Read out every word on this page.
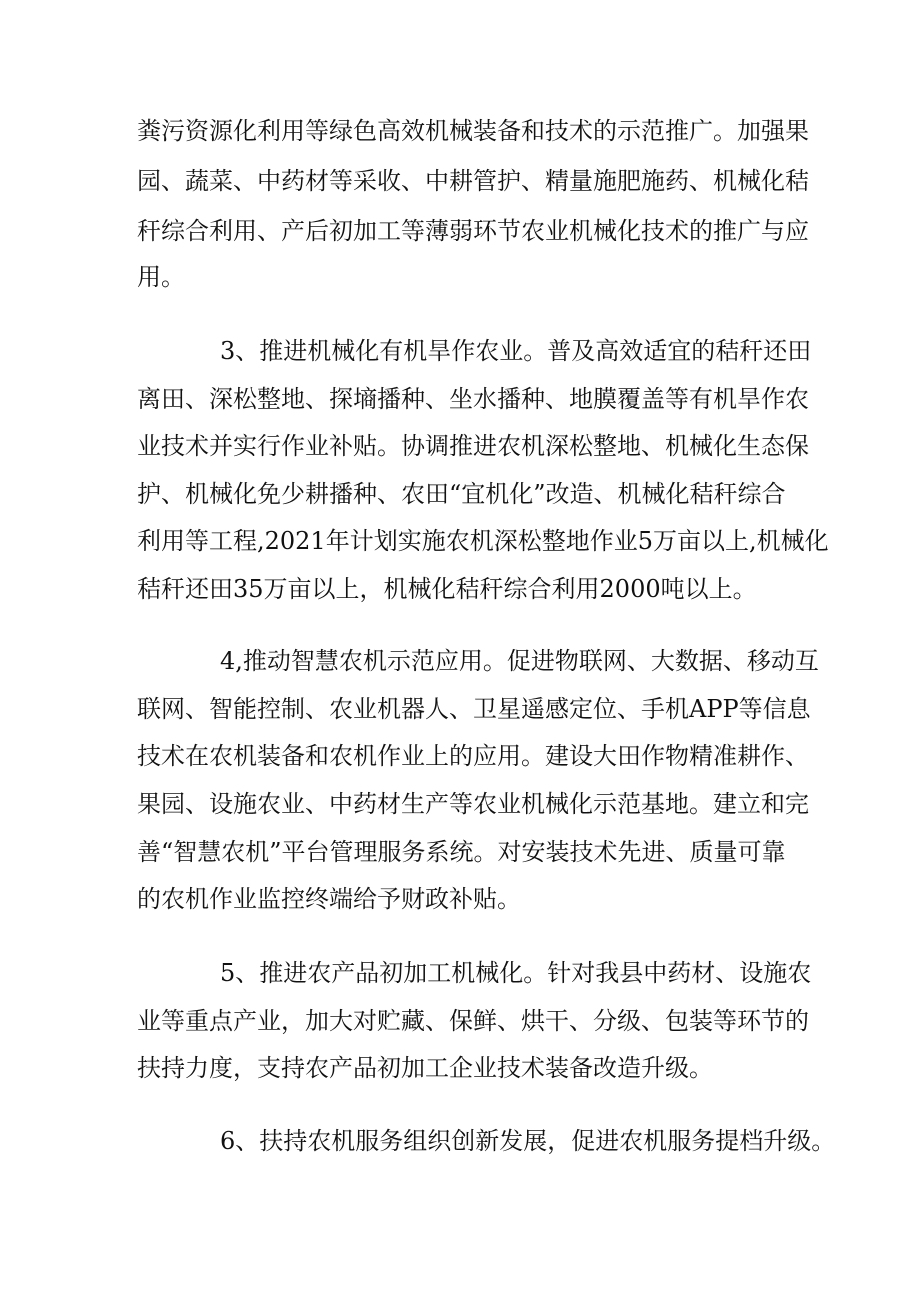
粪污资源化利用等绿色高效机械装备和技术的示范推广。加强果

园、蔬菜、中药材等采收、中耕管护、精量施肥施药、机械化秸

秆综合利用、产后初加工等薄弱环节农业机械化技术的推广与应

用。

3、推进机械化有机旱作农业。普及高效适宜的秸秆还田

离田、深松整地、探墒播种、坐水播种、地膜覆盖等有机旱作农

业技术并实行作业补贴。协调推进农机深松整地、机械化生态保

护、机械化免少耕播种、农田“宜机化”改造、机械化秸秆综合

利用等工程,2021年计划实施农机深松整地作业5万亩以上,机械化

秸秆还田35万亩以上，机械化秸秆综合利用2000吨以上。

4,推动智慧农机示范应用。促进物联网、大数据、移动互

联网、智能控制、农业机器人、卫星遥感定位、手机APP等信息

技术在农机装备和农机作业上的应用。建设大田作物精准耕作、

果园、设施农业、中药材生产等农业机械化示范基地。建立和完

善“智慧农机”平台管理服务系统。对安装技术先进、质量可靠

的农机作业监控终端给予财政补贴。

5、推进农产品初加工机械化。针对我县中药材、设施农

业等重点产业，加大对贮藏、保鲜、烘干、分级、包装等环节的

扶持力度，支持农产品初加工企业技术装备改造升级。

6、扶持农机服务组织创新发展，促进农机服务提档升级。
